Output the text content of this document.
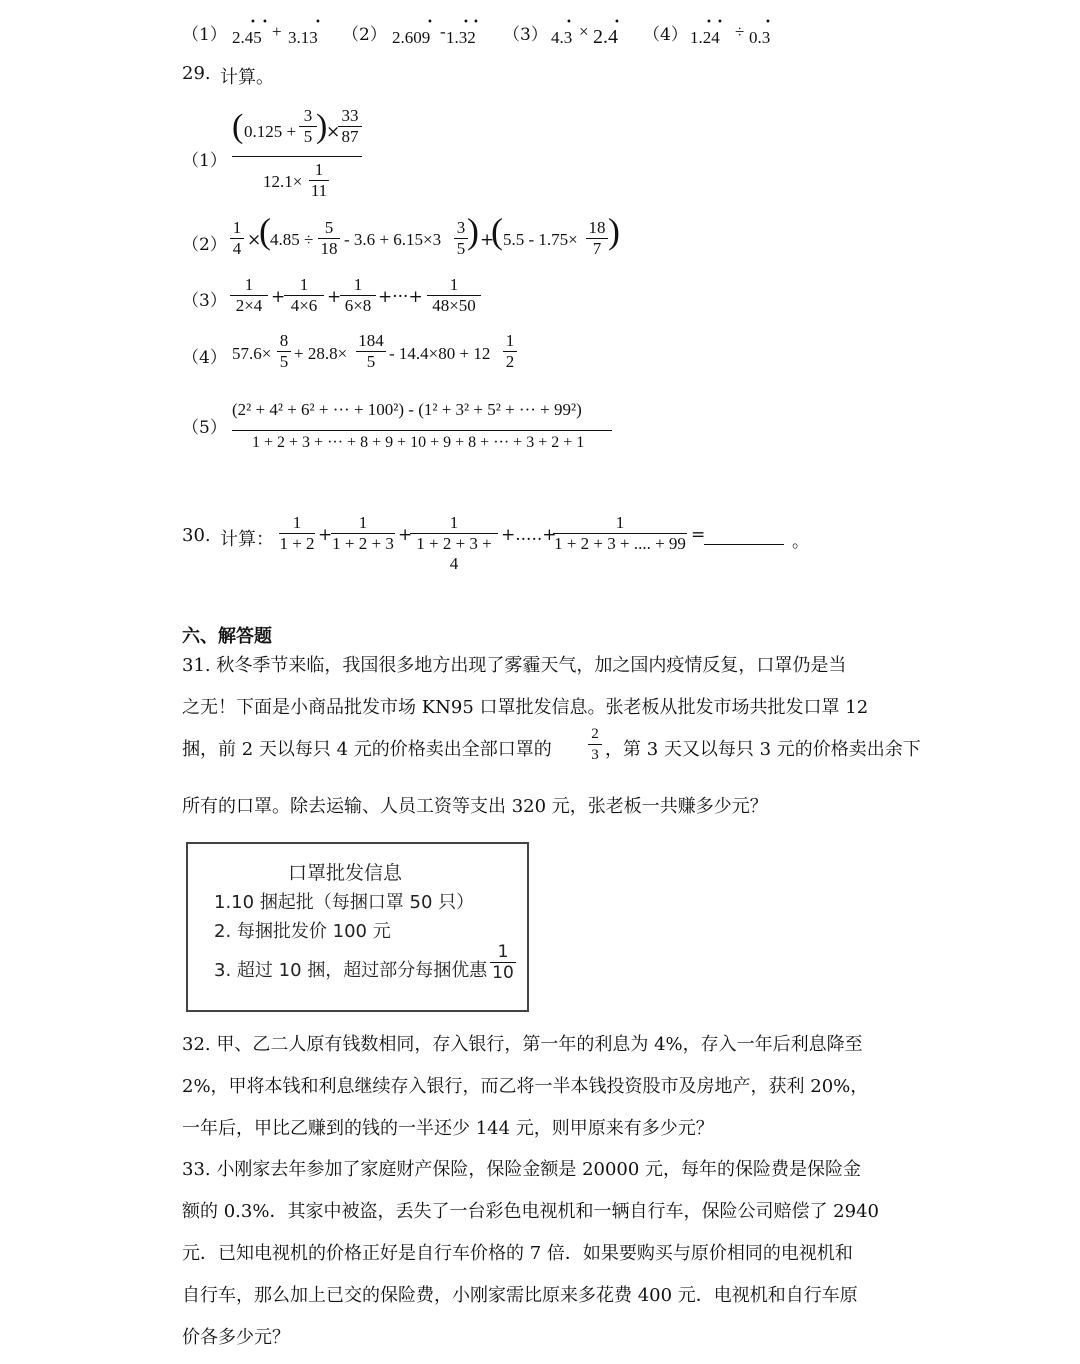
（1） 2.45 + 3.13
• •	•
（2） 2.609 - 1.32
•	• •
（3） 4.3 × 2.4
•	•
（4） 1.24 ÷ 0.3
• •	•
29. 计算。
（1）
( 0.125 +
3
5 )
×
33
87
12.1×
1
11
（2）
1
4 ×
( 4.85 ÷
5
18 - 3.6 + 6.15×3
3
5 ) +
( 5.5 - 1.75×
18
7 )
（3）
1
2×4 +
1
4×6 +
1
6×8 +···+
1
48×50
（4） 57.6×
8
5 + 28.8×
184
5 - 14.4×80 + 12
1
2
（5）
(2² + 4² + 6² + ··· + 100²) - (1² + 3² + 5² + ··· + 99²)
1 + 2 + 3 + ··· + 8 + 9 + 10 + 9 + 8 + ··· + 3 + 2 + 1
30. 计算：
1
1 + 2 +
1
1 + 2 + 3 +
1
1 + 2 + 3 + 4
+.....+
1
1 + 2 + 3 + .... + 99 =	。
六、解答题
31. 秋冬季节来临，我国很多地方出现了雾霾天气，加之国内疫情反复，口罩仍是当
之无！下面是小商品批发市场 KN95 口罩批发信息。张老板从批发市场共批发口罩 12
捆，前 2 天以每只 4 元的价格卖出全部口罩的
2
3 ，第 3 天又以每只 3 元的价格卖出余下
所有的口罩。除去运输、人员工资等支出 320 元，张老板一共赚多少元？
口罩批发信息
1.10 捆起批（每捆口罩 50 只）
2. 每捆批发价 100 元
3. 超过 10 捆，超过部分每捆优惠
1
10
32. 甲、乙二人原有钱数相同，存入银行，第一年的利息为 4%，存入一年后利息降至
2%，甲将本钱和利息继续存入银行，而乙将一半本钱投资股市及房地产，获利 20%，
一年后，甲比乙赚到的钱的一半还少 144 元，则甲原来有多少元？
33. 小刚家去年参加了家庭财产保险，保险金额是 20000 元，每年的保险费是保险金
额的 0.3%．其家中被盗，丢失了一台彩色电视机和一辆自行车，保险公司赔偿了 2940
元．已知电视机的价格正好是自行车价格的 7 倍．如果要购买与原价相同的电视机和
自行车，那么加上已交的保险费，小刚家需比原来多花费 400 元．电视机和自行车原
价各多少元？
